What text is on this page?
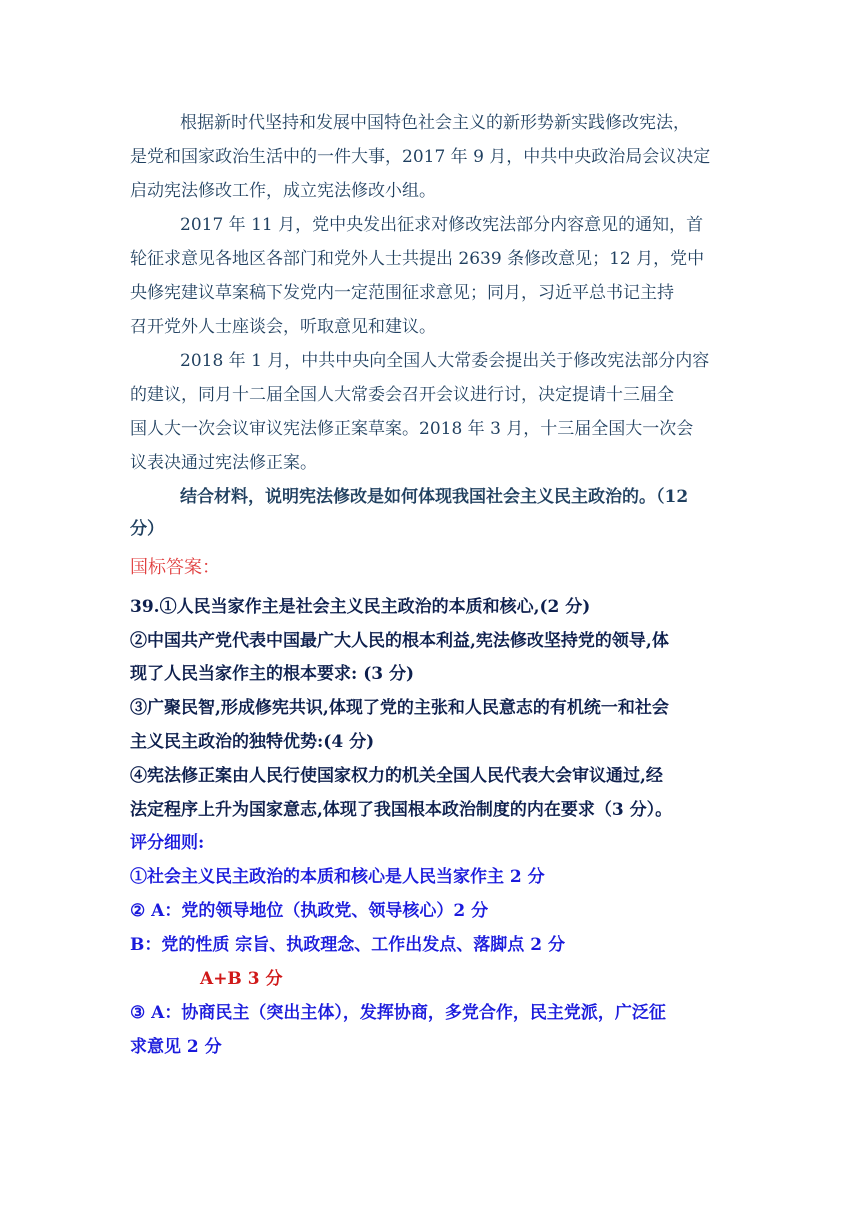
根据新时代坚持和发展中国特色社会主义的新形势新实践修改宪法，
是党和国家政治生活中的一件大事，2017 年 9 月，中共中央政治局会议决定
启动宪法修改工作，成立宪法修改小组。
2017 年 11 月，党中央发出征求对修改宪法部分内容意见的通知，首
轮征求意见各地区各部门和党外人士共提出 2639 条修改意见；12 月，党中
央修宪建议草案稿下发党内一定范围征求意见；同月，习近平总书记主持
召开党外人士座谈会，听取意见和建议。
2018 年 1 月，中共中央向全国人大常委会提出关于修改宪法部分内容
的建议，同月十二届全国人大常委会召开会议进行讨，决定提请十三届全
国人大一次会议审议宪法修正案草案。2018 年 3 月，十三届全国大一次会
议表决通过宪法修正案。
结合材料，说明宪法修改是如何体现我国社会主义民主政治的。（12
分）
国标答案：
39.①人民当家作主是社会主义民主政治的本质和核心,(2 分)
②中国共产党代表中国最广大人民的根本利益,宪法修改坚持党的领导,体
现了人民当家作主的根本要求: (3 分)
③广聚民智,形成修宪共识,体现了党的主张和人民意志的有机统一和社会
主义民主政治的独特优势:(4 分)
④宪法修正案由人民行使国家权力的机关全国人民代表大会审议通过,经
法定程序上升为国家意志,体现了我国根本政治制度的内在要求（3 分）。
评分细则:
①社会主义民主政治的本质和核心是人民当家作主 2 分
② A：党的领导地位（执政党、领导核心）2 分
B：党的性质 宗旨、执政理念、工作出发点、落脚点 2 分
A+B 3 分
③ A：协商民主（突出主体），发挥协商，多党合作，民主党派，广泛征
求意见 2 分
